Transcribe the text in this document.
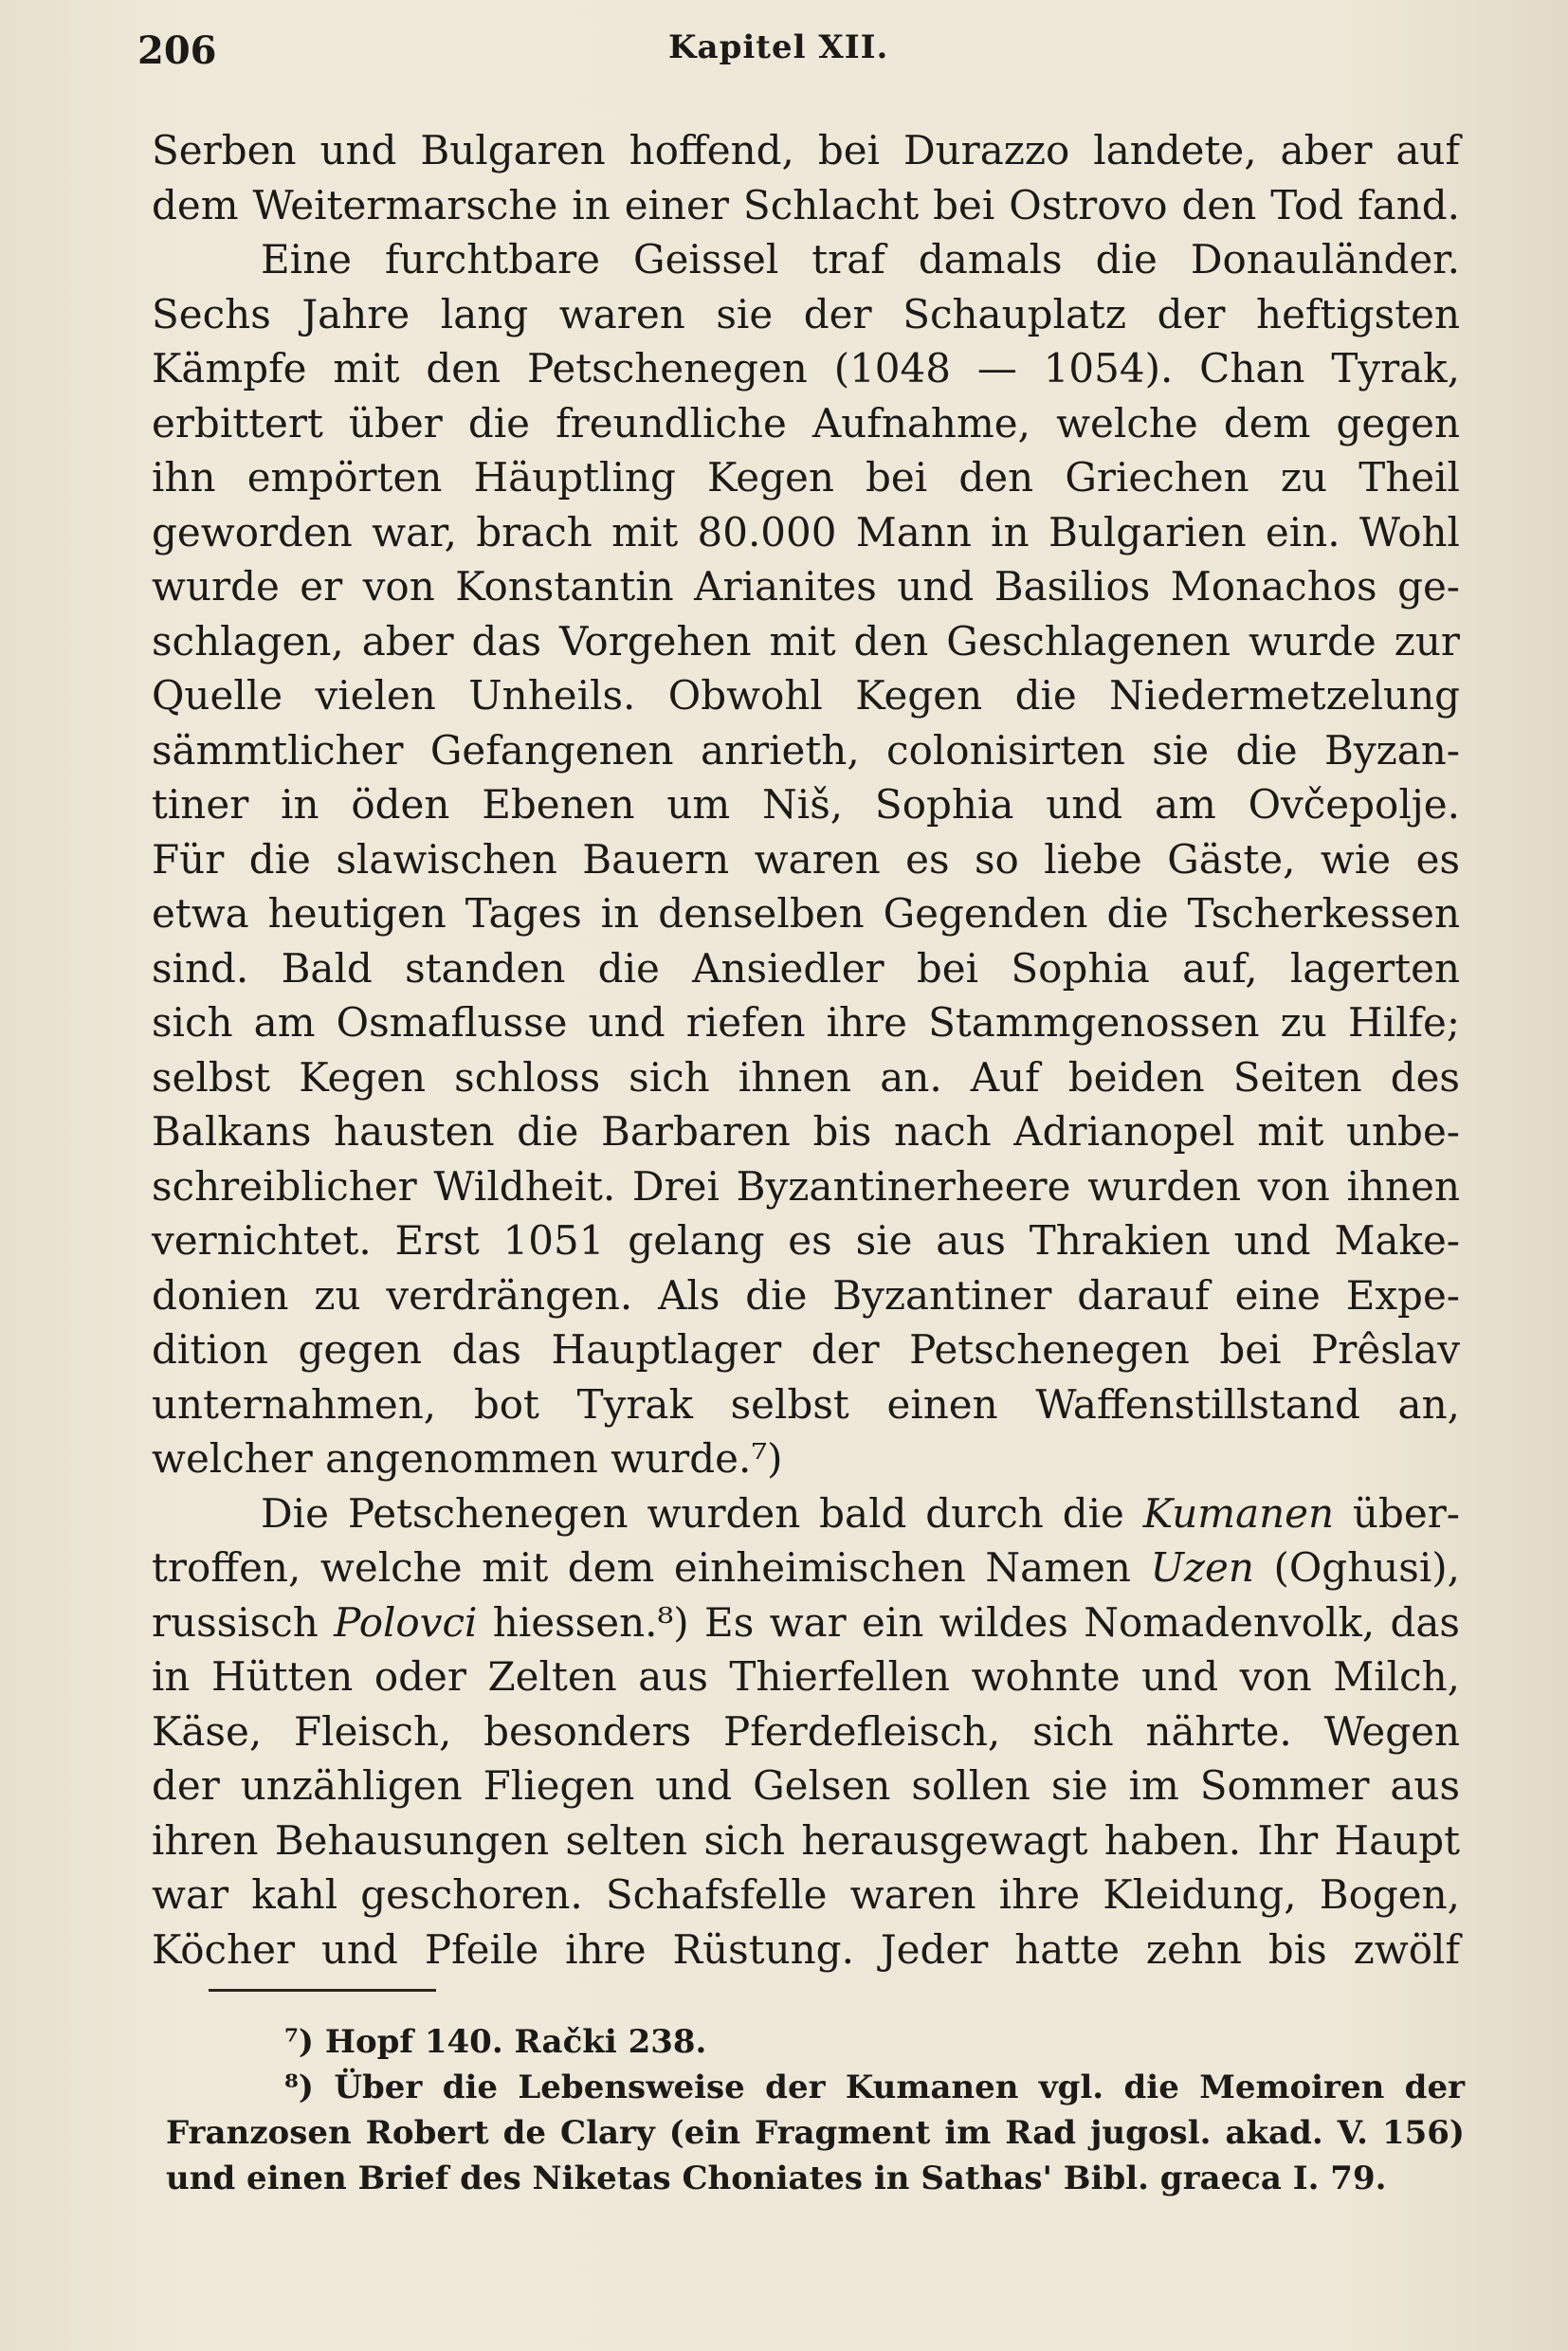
206	Kapitel XII.
Serben und Bulgaren hoffend, bei Durazzo landete, aber auf
dem Weitermarsche in einer Schlacht bei Ostrovo den Tod fand.
Eine furchtbare Geissel traf damals die Donauländer.
Sechs Jahre lang waren sie der Schauplatz der heftigsten
Kämpfe mit den Petschenegen (1048 — 1054). Chan Tyrak,
erbittert über die freundliche Aufnahme, welche dem gegen
ihn empörten Häuptling Kegen bei den Griechen zu Theil
geworden war, brach mit 80.000 Mann in Bulgarien ein. Wohl
wurde er von Konstantin Arianites und Basilios Monachos ge-
schlagen, aber das Vorgehen mit den Geschlagenen wurde zur
Quelle vielen Unheils. Obwohl Kegen die Niedermetzelung
sämmtlicher Gefangenen anrieth, colonisirten sie die Byzan-
tiner in öden Ebenen um Niš, Sophia und am Ovčepolje.
Für die slawischen Bauern waren es so liebe Gäste, wie es
etwa heutigen Tages in denselben Gegenden die Tscherkessen
sind. Bald standen die Ansiedler bei Sophia auf, lagerten
sich am Osmaflusse und riefen ihre Stammgenossen zu Hilfe;
selbst Kegen schloss sich ihnen an. Auf beiden Seiten des
Balkans hausten die Barbaren bis nach Adrianopel mit unbe-
schreiblicher Wildheit. Drei Byzantinerheere wurden von ihnen
vernichtet. Erst 1051 gelang es sie aus Thrakien und Make-
donien zu verdrängen. Als die Byzantiner darauf eine Expe-
dition gegen das Hauptlager der Petschenegen bei Prêslav
unternahmen, bot Tyrak selbst einen Waffenstillstand an,
welcher angenommen wurde.⁷)
Die Petschenegen wurden bald durch die Kumanen über-
troffen, welche mit dem einheimischen Namen Uzen (Oghusi),
russisch Polovci hiessen.⁸) Es war ein wildes Nomadenvolk, das
in Hütten oder Zelten aus Thierfellen wohnte und von Milch,
Käse, Fleisch, besonders Pferdefleisch, sich nährte. Wegen
der unzähligen Fliegen und Gelsen sollen sie im Sommer aus
ihren Behausungen selten sich herausgewagt haben. Ihr Haupt
war kahl geschoren. Schafsfelle waren ihre Kleidung, Bogen,
Köcher und Pfeile ihre Rüstung. Jeder hatte zehn bis zwölf
⁷) Hopf 140. Rački 238.
⁸) Über die Lebensweise der Kumanen vgl. die Memoiren der
Franzosen Robert de Clary (ein Fragment im Rad jugosl. akad. V. 156)
und einen Brief des Niketas Choniates in Sathas' Bibl. graeca I. 79.
